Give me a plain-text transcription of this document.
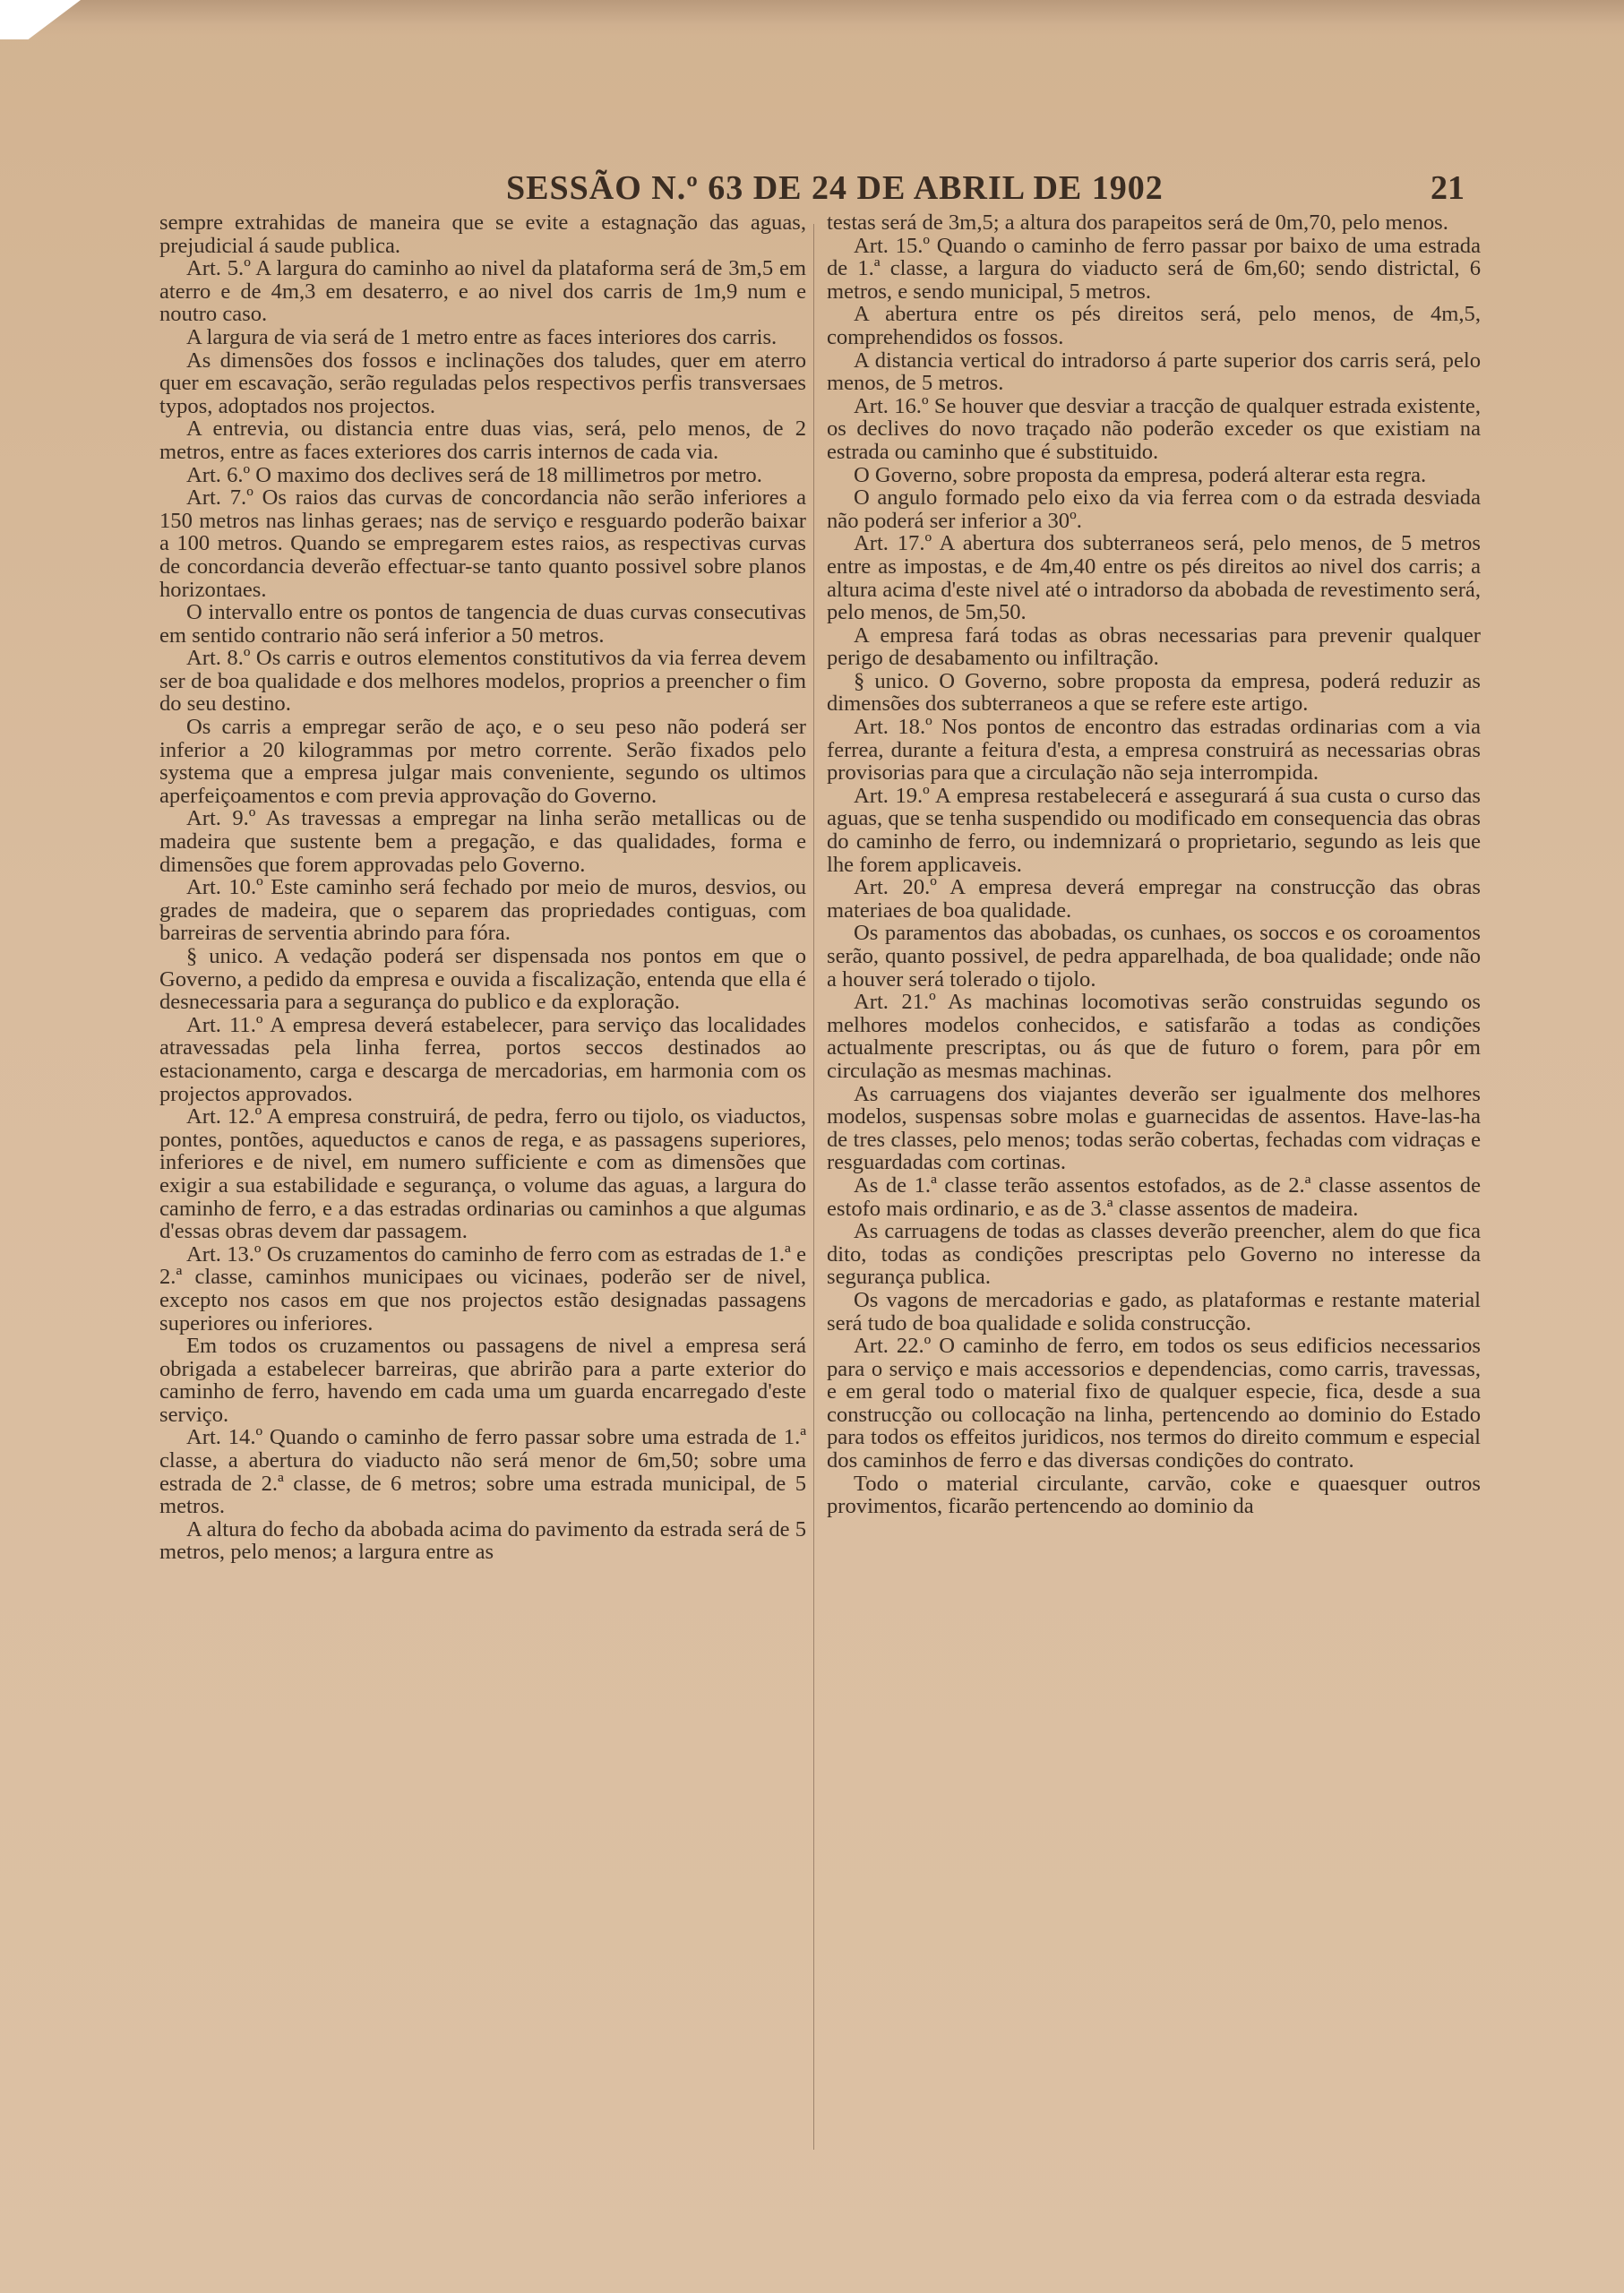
SESSÃO N.º 63 DE 24 DE ABRIL DE 1902	21

sempre extrahidas de maneira que se evite a estagnação das aguas, prejudicial á saude publica.

Art. 5.º A largura do caminho ao nivel da plataforma será de 3m,5 em aterro e de 4m,3 em desaterro, e ao nivel dos carris de 1m,9 num e noutro caso.

A largura de via será de 1 metro entre as faces interiores dos carris.

As dimensões dos fossos e inclinações dos taludes, quer em aterro quer em escavação, serão reguladas pelos respectivos perfis transversaes typos, adoptados nos projectos.

A entrevia, ou distancia entre duas vias, será, pelo menos, de 2 metros, entre as faces exteriores dos carris internos de cada via.

Art. 6.º O maximo dos declives será de 18 millimetros por metro.

Art. 7.º Os raios das curvas de concordancia não serão inferiores a 150 metros nas linhas geraes; nas de serviço e resguardo poderão baixar a 100 metros. Quando se empregarem estes raios, as respectivas curvas de concordancia deverão effectuar-se tanto quanto possivel sobre planos horizontaes.

O intervallo entre os pontos de tangencia de duas curvas consecutivas em sentido contrario não será inferior a 50 metros.

Art. 8.º Os carris e outros elementos constitutivos da via ferrea devem ser de boa qualidade e dos melhores modelos, proprios a preencher o fim do seu destino.

Os carris a empregar serão de aço, e o seu peso não poderá ser inferior a 20 kilogrammas por metro corrente. Serão fixados pelo systema que a empresa julgar mais conveniente, segundo os ultimos aperfeiçoamentos e com previa approvação do Governo.

Art. 9.º As travessas a empregar na linha serão metallicas ou de madeira que sustente bem a pregação, e das qualidades, forma e dimensões que forem approvadas pelo Governo.

Art. 10.º Este caminho será fechado por meio de muros, desvios, ou grades de madeira, que o separem das propriedades contiguas, com barreiras de serventia abrindo para fóra.

§ unico. A vedação poderá ser dispensada nos pontos em que o Governo, a pedido da empresa e ouvida a fiscalização, entenda que ella é desnecessaria para a segurança do publico e da exploração.

Art. 11.º A empresa deverá estabelecer, para serviço das localidades atravessadas pela linha ferrea, portos seccos destinados ao estacionamento, carga e descarga de mercadorias, em harmonia com os projectos approvados.

Art. 12.º A empresa construirá, de pedra, ferro ou tijolo, os viaductos, pontes, pontões, aqueductos e canos de rega, e as passagens superiores, inferiores e de nivel, em numero sufficiente e com as dimensões que exigir a sua estabilidade e segurança, o volume das aguas, a largura do caminho de ferro, e a das estradas ordinarias ou caminhos a que algumas d'essas obras devem dar passagem.

Art. 13.º Os cruzamentos do caminho de ferro com as estradas de 1.ª e 2.ª classe, caminhos municipaes ou vicinaes, poderão ser de nivel, excepto nos casos em que nos projectos estão designadas passagens superiores ou inferiores.

Em todos os cruzamentos ou passagens de nivel a empresa será obrigada a estabelecer barreiras, que abrirão para a parte exterior do caminho de ferro, havendo em cada uma um guarda encarregado d'este serviço.

Art. 14.º Quando o caminho de ferro passar sobre uma estrada de 1.ª classe, a abertura do viaducto não será menor de 6m,50; sobre uma estrada de 2.ª classe, de 6 metros; sobre uma estrada municipal, de 5 metros.

A altura do fecho da abobada acima do pavimento da estrada será de 5 metros, pelo menos; a largura entre as

testas será de 3m,5; a altura dos parapeitos será de 0m,70, pelo menos.

Art. 15.º Quando o caminho de ferro passar por baixo de uma estrada de 1.ª classe, a largura do viaducto será de 6m,60; sendo districtal, 6 metros, e sendo municipal, 5 metros.

A abertura entre os pés direitos será, pelo menos, de 4m,5, comprehendidos os fossos.

A distancia vertical do intradorso á parte superior dos carris será, pelo menos, de 5 metros.

Art. 16.º Se houver que desviar a tracção de qualquer estrada existente, os declives do novo traçado não poderão exceder os que existiam na estrada ou caminho que é substituido.

O Governo, sobre proposta da empresa, poderá alterar esta regra.

O angulo formado pelo eixo da via ferrea com o da estrada desviada não poderá ser inferior a 30º.

Art. 17.º A abertura dos subterraneos será, pelo menos, de 5 metros entre as impostas, e de 4m,40 entre os pés direitos ao nivel dos carris; a altura acima d'este nivel até o intradorso da abobada de revestimento será, pelo menos, de 5m,50.

A empresa fará todas as obras necessarias para prevenir qualquer perigo de desabamento ou infiltração.

§ unico. O Governo, sobre proposta da empresa, poderá reduzir as dimensões dos subterraneos a que se refere este artigo.

Art. 18.º Nos pontos de encontro das estradas ordinarias com a via ferrea, durante a feitura d'esta, a empresa construirá as necessarias obras provisorias para que a circulação não seja interrompida.

Art. 19.º A empresa restabelecerá e assegurará á sua custa o curso das aguas, que se tenha suspendido ou modificado em consequencia das obras do caminho de ferro, ou indemnizará o proprietario, segundo as leis que lhe forem applicaveis.

Art. 20.º A empresa deverá empregar na construcção das obras materiaes de boa qualidade.

Os paramentos das abobadas, os cunhaes, os soccos e os coroamentos serão, quanto possivel, de pedra apparelhada, de boa qualidade; onde não a houver será tolerado o tijolo.

Art. 21.º As machinas locomotivas serão construidas segundo os melhores modelos conhecidos, e satisfarão a todas as condições actualmente prescriptas, ou ás que de futuro o forem, para pôr em circulação as mesmas machinas.

As carruagens dos viajantes deverão ser igualmente dos melhores modelos, suspensas sobre molas e guarnecidas de assentos. Have-las-ha de tres classes, pelo menos; todas serão cobertas, fechadas com vidraças e resguardadas com cortinas.

As de 1.ª classe terão assentos estofados, as de 2.ª classe assentos de estofo mais ordinario, e as de 3.ª classe assentos de madeira.

As carruagens de todas as classes deverão preencher, alem do que fica dito, todas as condições prescriptas pelo Governo no interesse da segurança publica.

Os vagons de mercadorias e gado, as plataformas e restante material será tudo de boa qualidade e solida construcção.

Art. 22.º O caminho de ferro, em todos os seus edificios necessarios para o serviço e mais accessorios e dependencias, como carris, travessas, e em geral todo o material fixo de qualquer especie, fica, desde a sua construcção ou collocação na linha, pertencendo ao dominio do Estado para todos os effeitos juridicos, nos termos do direito commum e especial dos caminhos de ferro e das diversas condições do contrato.

Todo o material circulante, carvão, coke e quaesquer outros provimentos, ficarão pertencendo ao dominio da
